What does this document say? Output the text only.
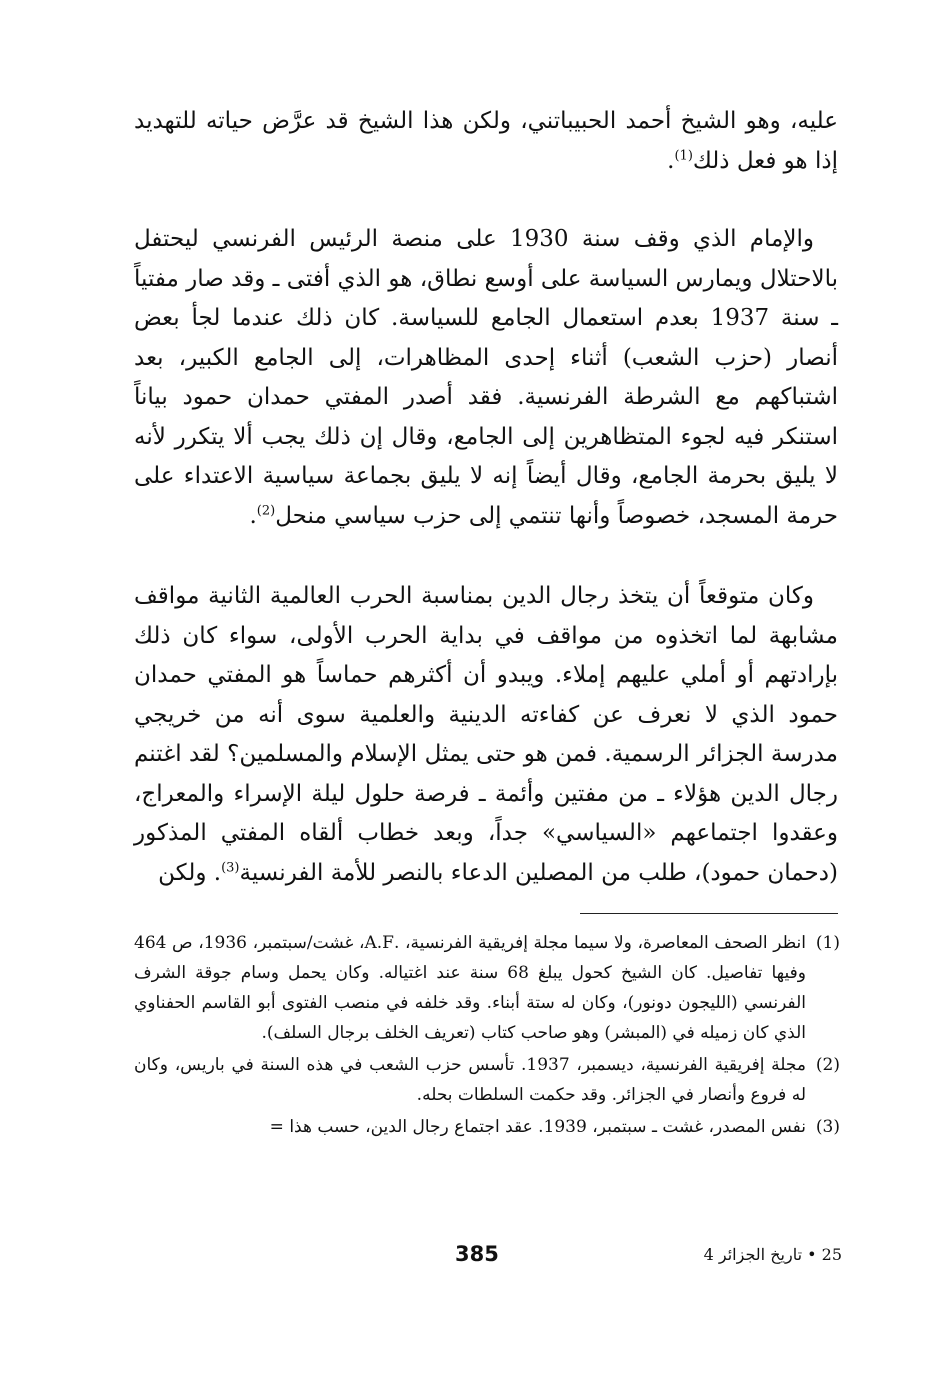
عليه، وهو الشيخ أحمد الحبيباتني، ولكن هذا الشيخ قد عرَّض حياته للتهديد إذا هو فعل ذلك$^{(1)}$.

والإمام الذي وقف سنة 1930 على منصة الرئيس الفرنسي ليحتفل بالاحتلال ويمارس السياسة على أوسع نطاق، هو الذي أفتى ـ وقد صار مفتياً ـ سنة 1937 بعدم استعمال الجامع للسياسة. كان ذلك عندما لجأ بعض أنصار (حزب الشعب) أثناء إحدى المظاهرات، إلى الجامع الكبير، بعد اشتباكهم مع الشرطة الفرنسية. فقد أصدر المفتي حمدان حمود بياناً استنكر فيه لجوء المتظاهرين إلى الجامع، وقال إن ذلك يجب ألا يتكرر لأنه لا يليق بحرمة الجامع، وقال أيضاً إنه لا يليق بجماعة سياسية الاعتداء على حرمة المسجد، خصوصاً وأنها تنتمي إلى حزب سياسي منحل$^{(2)}$.

وكان متوقعاً أن يتخذ رجال الدين بمناسبة الحرب العالمية الثانية مواقف مشابهة لما اتخذوه من مواقف في بداية الحرب الأولى، سواء كان ذلك بإرادتهم أو أملي عليهم إملاء. ويبدو أن أكثرهم حماساً هو المفتي حمدان حمود الذي لا نعرف عن كفاءته الدينية والعلمية سوى أنه من خريجي مدرسة الجزائر الرسمية. فمن هو حتى يمثل الإسلام والمسلمين؟ لقد اغتنم رجال الدين هؤلاء ـ من مفتين وأئمة ـ فرصة حلول ليلة الإسراء والمعراج، وعقدوا اجتماعهم «السياسي» جداً، وبعد خطاب ألقاه المفتي المذكور (دحمان حمود)، طلب من المصلين الدعاء بالنصر للأمة الفرنسية$^{(3)}$. ولكن

(1)
انظر الصحف المعاصرة، ولا سيما مجلة إفريقية الفرنسية، .A.F، غشت/سبتمبر، 1936، ص 464 وفيها تفاصيل. كان الشيخ كحول يبلغ 68 سنة عند اغتياله. وكان يحمل وسام جوقة الشرف الفرنسي (الليجون دونور)، وكان له ستة أبناء. وقد خلفه في منصب الفتوى أبو القاسم الحفناوي الذي كان زميله في (المبشر) وهو صاحب كتاب (تعريف الخلف برجال السلف).
(2)
مجلة إفريقية الفرنسية، ديسمبر، 1937. تأسس حزب الشعب في هذه السنة في باريس، وكان له فروع وأنصار في الجزائر. وقد حكمت السلطات بحله.
(3)
نفس المصدر، غشت ـ سبتمبر، 1939. عقد اجتماع رجال الدين، حسب هذا =
385	25 • تاريخ الجزائر 4
